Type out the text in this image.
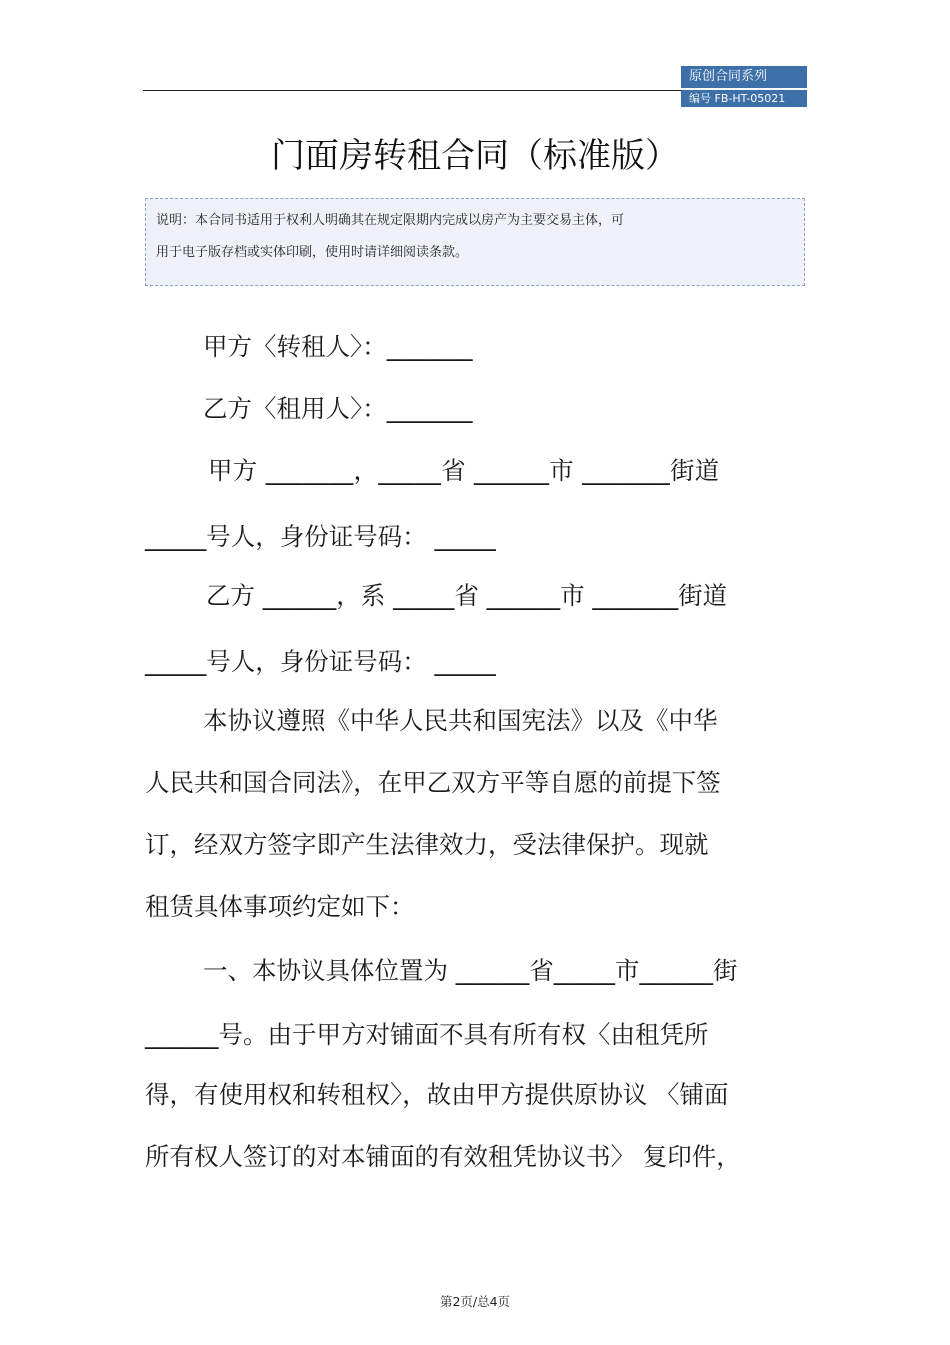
原创合同系列
编号 FB-HT-05021
门面房转租合同（标准版）

说明：本合同书适用于权利人明确其在规定限期内完成以房产为主要交易主体，可

用于电子版存档或实体印刷，使用时请详细阅读条款。

甲方〈转租人〉：_______
乙方〈租用人〉：_______
甲方 _______，_____省 ______市 _______街道
_____号人，身份证号码： _____
乙方 ______，系 _____省 ______市 _______街道
_____号人，身份证号码： _____
本协议遵照《中华人民共和国宪法》以及《中华
人民共和国合同法》，在甲乙双方平等自愿的前提下签
订，经双方签字即产生法律效力，受法律保护。现就
租赁具体事项约定如下：
一、本协议具体位置为 ______省_____市______街
______号。由于甲方对铺面不具有所有权〈由租凭所
得，有使用权和转租权〉，故由甲方提供原协议 〈铺面
所有权人签订的对本铺面的有效租凭协议书〉 复印件，
第2页/总4页
